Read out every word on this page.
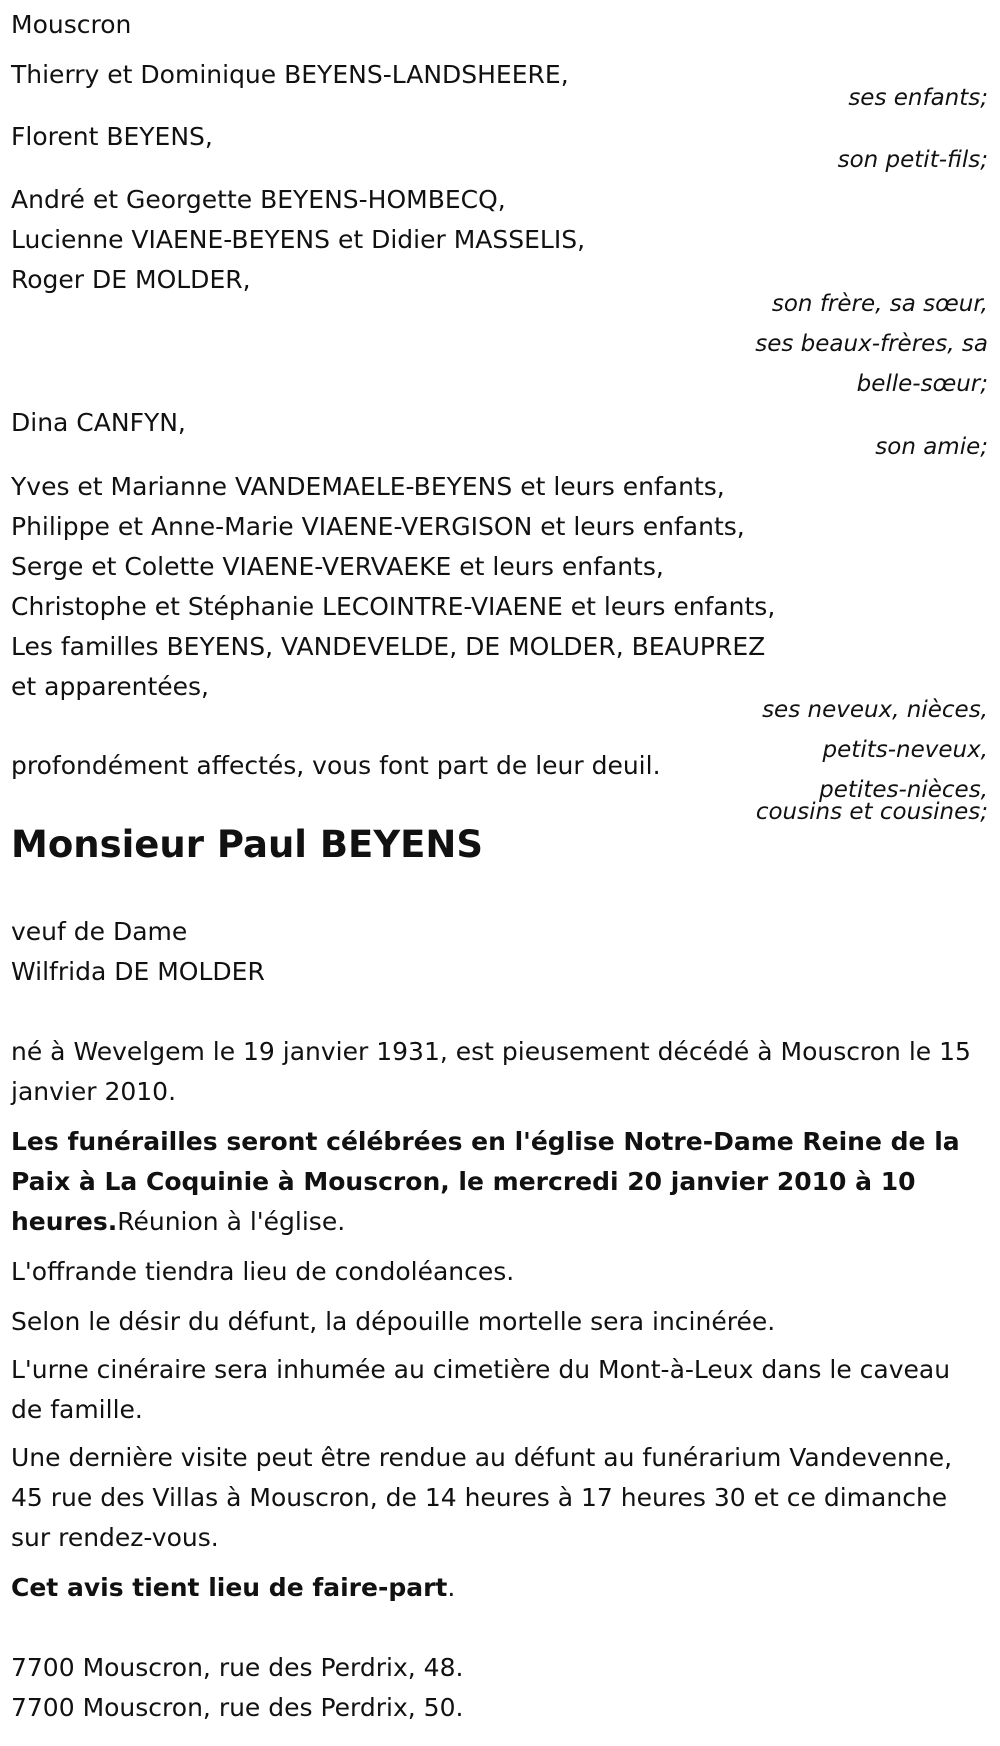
Mouscron
Thierry et Dominique BEYENS-LANDSHEERE,
ses enfants;
Florent BEYENS,
son petit-fils;
André et Georgette BEYENS-HOMBECQ,
Lucienne VIAENE-BEYENS et Didier MASSELIS,
Roger DE MOLDER,
son frère, sa sœur,
ses beaux-frères, sa
belle-sœur;
Dina CANFYN,
son amie;
Yves et Marianne VANDEMAELE-BEYENS et leurs enfants,
Philippe et Anne-Marie VIAENE-VERGISON et leurs enfants,
Serge et Colette VIAENE-VERVAEKE et leurs enfants,
Christophe et Stéphanie LECOINTRE-VIAENE et leurs enfants,
Les familles BEYENS, VANDEVELDE, DE MOLDER, BEAUPREZ
et apparentées,
ses neveux, nièces,
petits-neveux,
profondément affectés, vous font part de leur deuil.
petites-nièces,
cousins et cousines;
Monsieur Paul BEYENS
veuf de Dame
Wilfrida DE MOLDER
né à Wevelgem le 19 janvier 1931, est pieusement décédé à Mouscron le 15 janvier 2010.
Les funérailles seront célébrées en l'église Notre-Dame Reine de la Paix à La Coquinie à Mouscron, le mercredi 20 janvier 2010 à 10 heures.Réunion à l'église.
L'offrande tiendra lieu de condoléances.
Selon le désir du défunt, la dépouille mortelle sera incinérée.
L'urne cinéraire sera inhumée au cimetière du Mont-à-Leux dans le caveau de famille.
Une dernière visite peut être rendue au défunt au funérarium Vandevenne, 45 rue des Villas à Mouscron, de 14 heures à 17 heures 30 et ce dimanche sur rendez-vous.
Cet avis tient lieu de faire-part.
7700 Mouscron, rue des Perdrix, 48.
7700 Mouscron, rue des Perdrix, 50.
